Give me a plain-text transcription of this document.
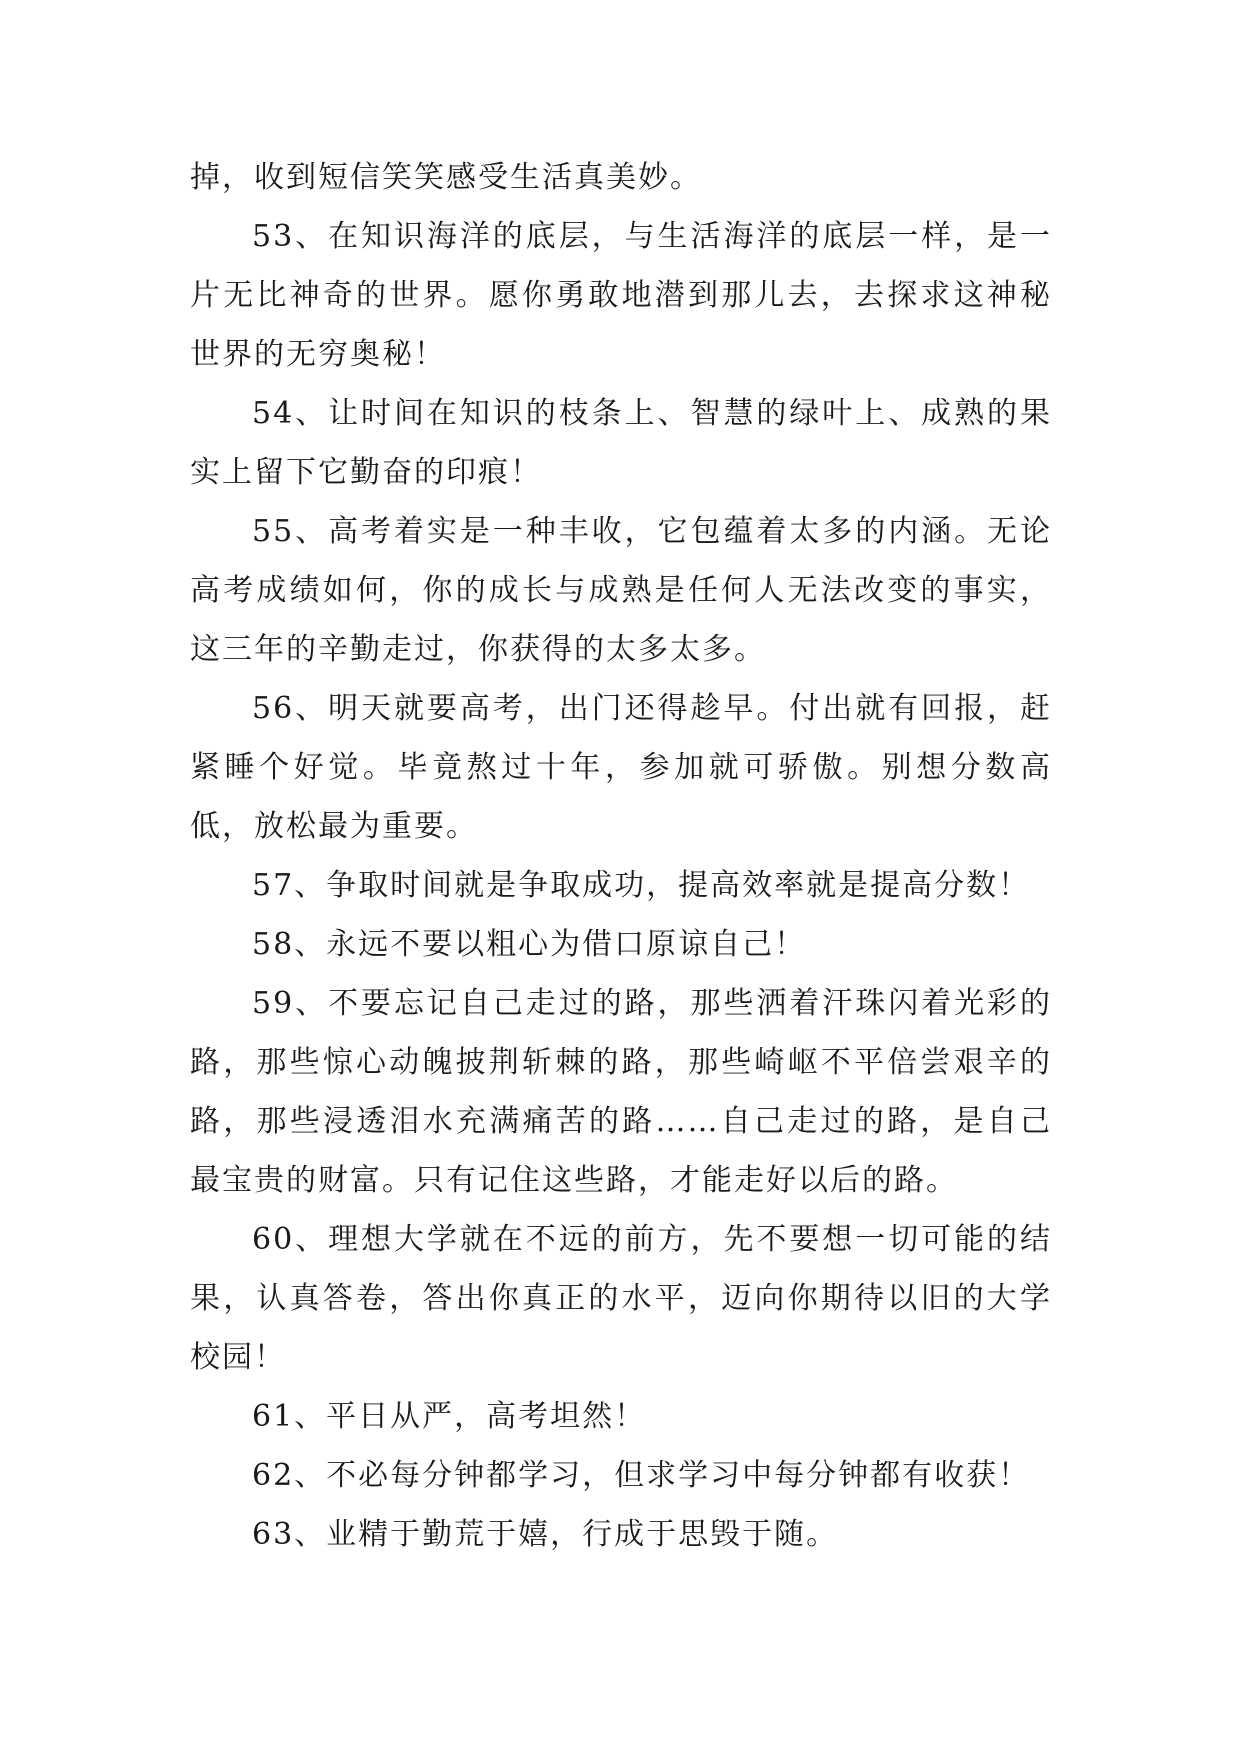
掉，收到短信笑笑感受生活真美妙。

53、在知识海洋的底层，与生活海洋的底层一样，是一片无比神奇的世界。愿你勇敢地潜到那儿去，去探求这神秘世界的无穷奥秘！

54、让时间在知识的枝条上、智慧的绿叶上、成熟的果实上留下它勤奋的印痕！

55、高考着实是一种丰收，它包蕴着太多的内涵。无论高考成绩如何，你的成长与成熟是任何人无法改变的事实，这三年的辛勤走过，你获得的太多太多。

56、明天就要高考，出门还得趁早。付出就有回报，赶紧睡个好觉。毕竟熬过十年，参加就可骄傲。别想分数高低，放松最为重要。

57、争取时间就是争取成功，提高效率就是提高分数！

58、永远不要以粗心为借口原谅自己！

59、不要忘记自己走过的路，那些洒着汗珠闪着光彩的路，那些惊心动魄披荆斩棘的路，那些崎岖不平倍尝艰辛的路，那些浸透泪水充满痛苦的路……自己走过的路，是自己最宝贵的财富。只有记住这些路，才能走好以后的路。

60、理想大学就在不远的前方，先不要想一切可能的结果，认真答卷，答出你真正的水平，迈向你期待以旧的大学校园！

61、平日从严，高考坦然！

62、不必每分钟都学习，但求学习中每分钟都有收获！

63、业精于勤荒于嬉，行成于思毁于随。
